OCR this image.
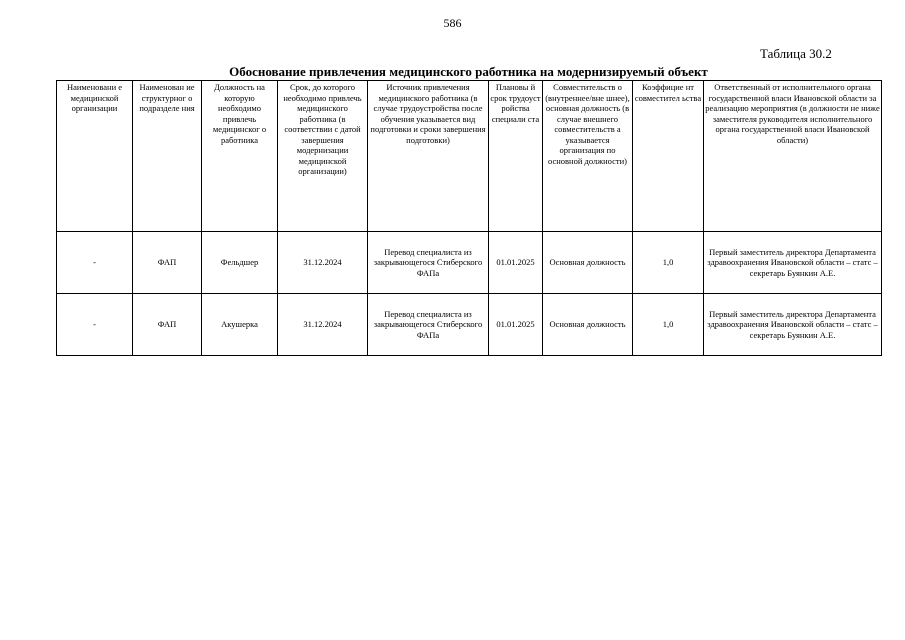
586
Таблица 30.2
Обоснование привлечения медицинского работника на модернизируемый объект
Наименовани е медицинской организации	Наименован ие структурног о подразделе ния	Должность на которую необходимо привлечь медицинског о работника	Срок, до которого необходимо привлечь медицинского работника (в соответствии с датой завершения модернизации медицинской организации)	Источник привлечения медицинского работника (в случае трудоустройства после обучения указывается вид подготовки и сроки завершения подготовки)	Плановы й срок трудоуст ройства специали ста	Совместительств о (внутреннее/вне шнее), основная должность (в случае внешнего совместительств а указывается организация по основной должности)	Коэффицие нт совместител ьства	Ответственный от исполнительного органа государственной власи Ивановской области за реализацию мероприятия (в должности не ниже заместителя руководителя исполнительного органа государственной власи Ивановской области)
-	ФАП	Фельдшер	31.12.2024	Перевод специалиста из закрывающегося Стиберского ФАПа	01.01.2025	Основная должность	1,0	Первый заместитель директора Департамента здравоохранения Ивановской области – статс – секретарь Буянкин А.Е.
-	ФАП	Акушерка	31.12.2024	Перевод специалиста из закрывающегося Стиберского ФАПа	01.01.2025	Основная должность	1,0	Первый заместитель директора Департамента здравоохранения Ивановской области – статс – секретарь Буянкин А.Е.
